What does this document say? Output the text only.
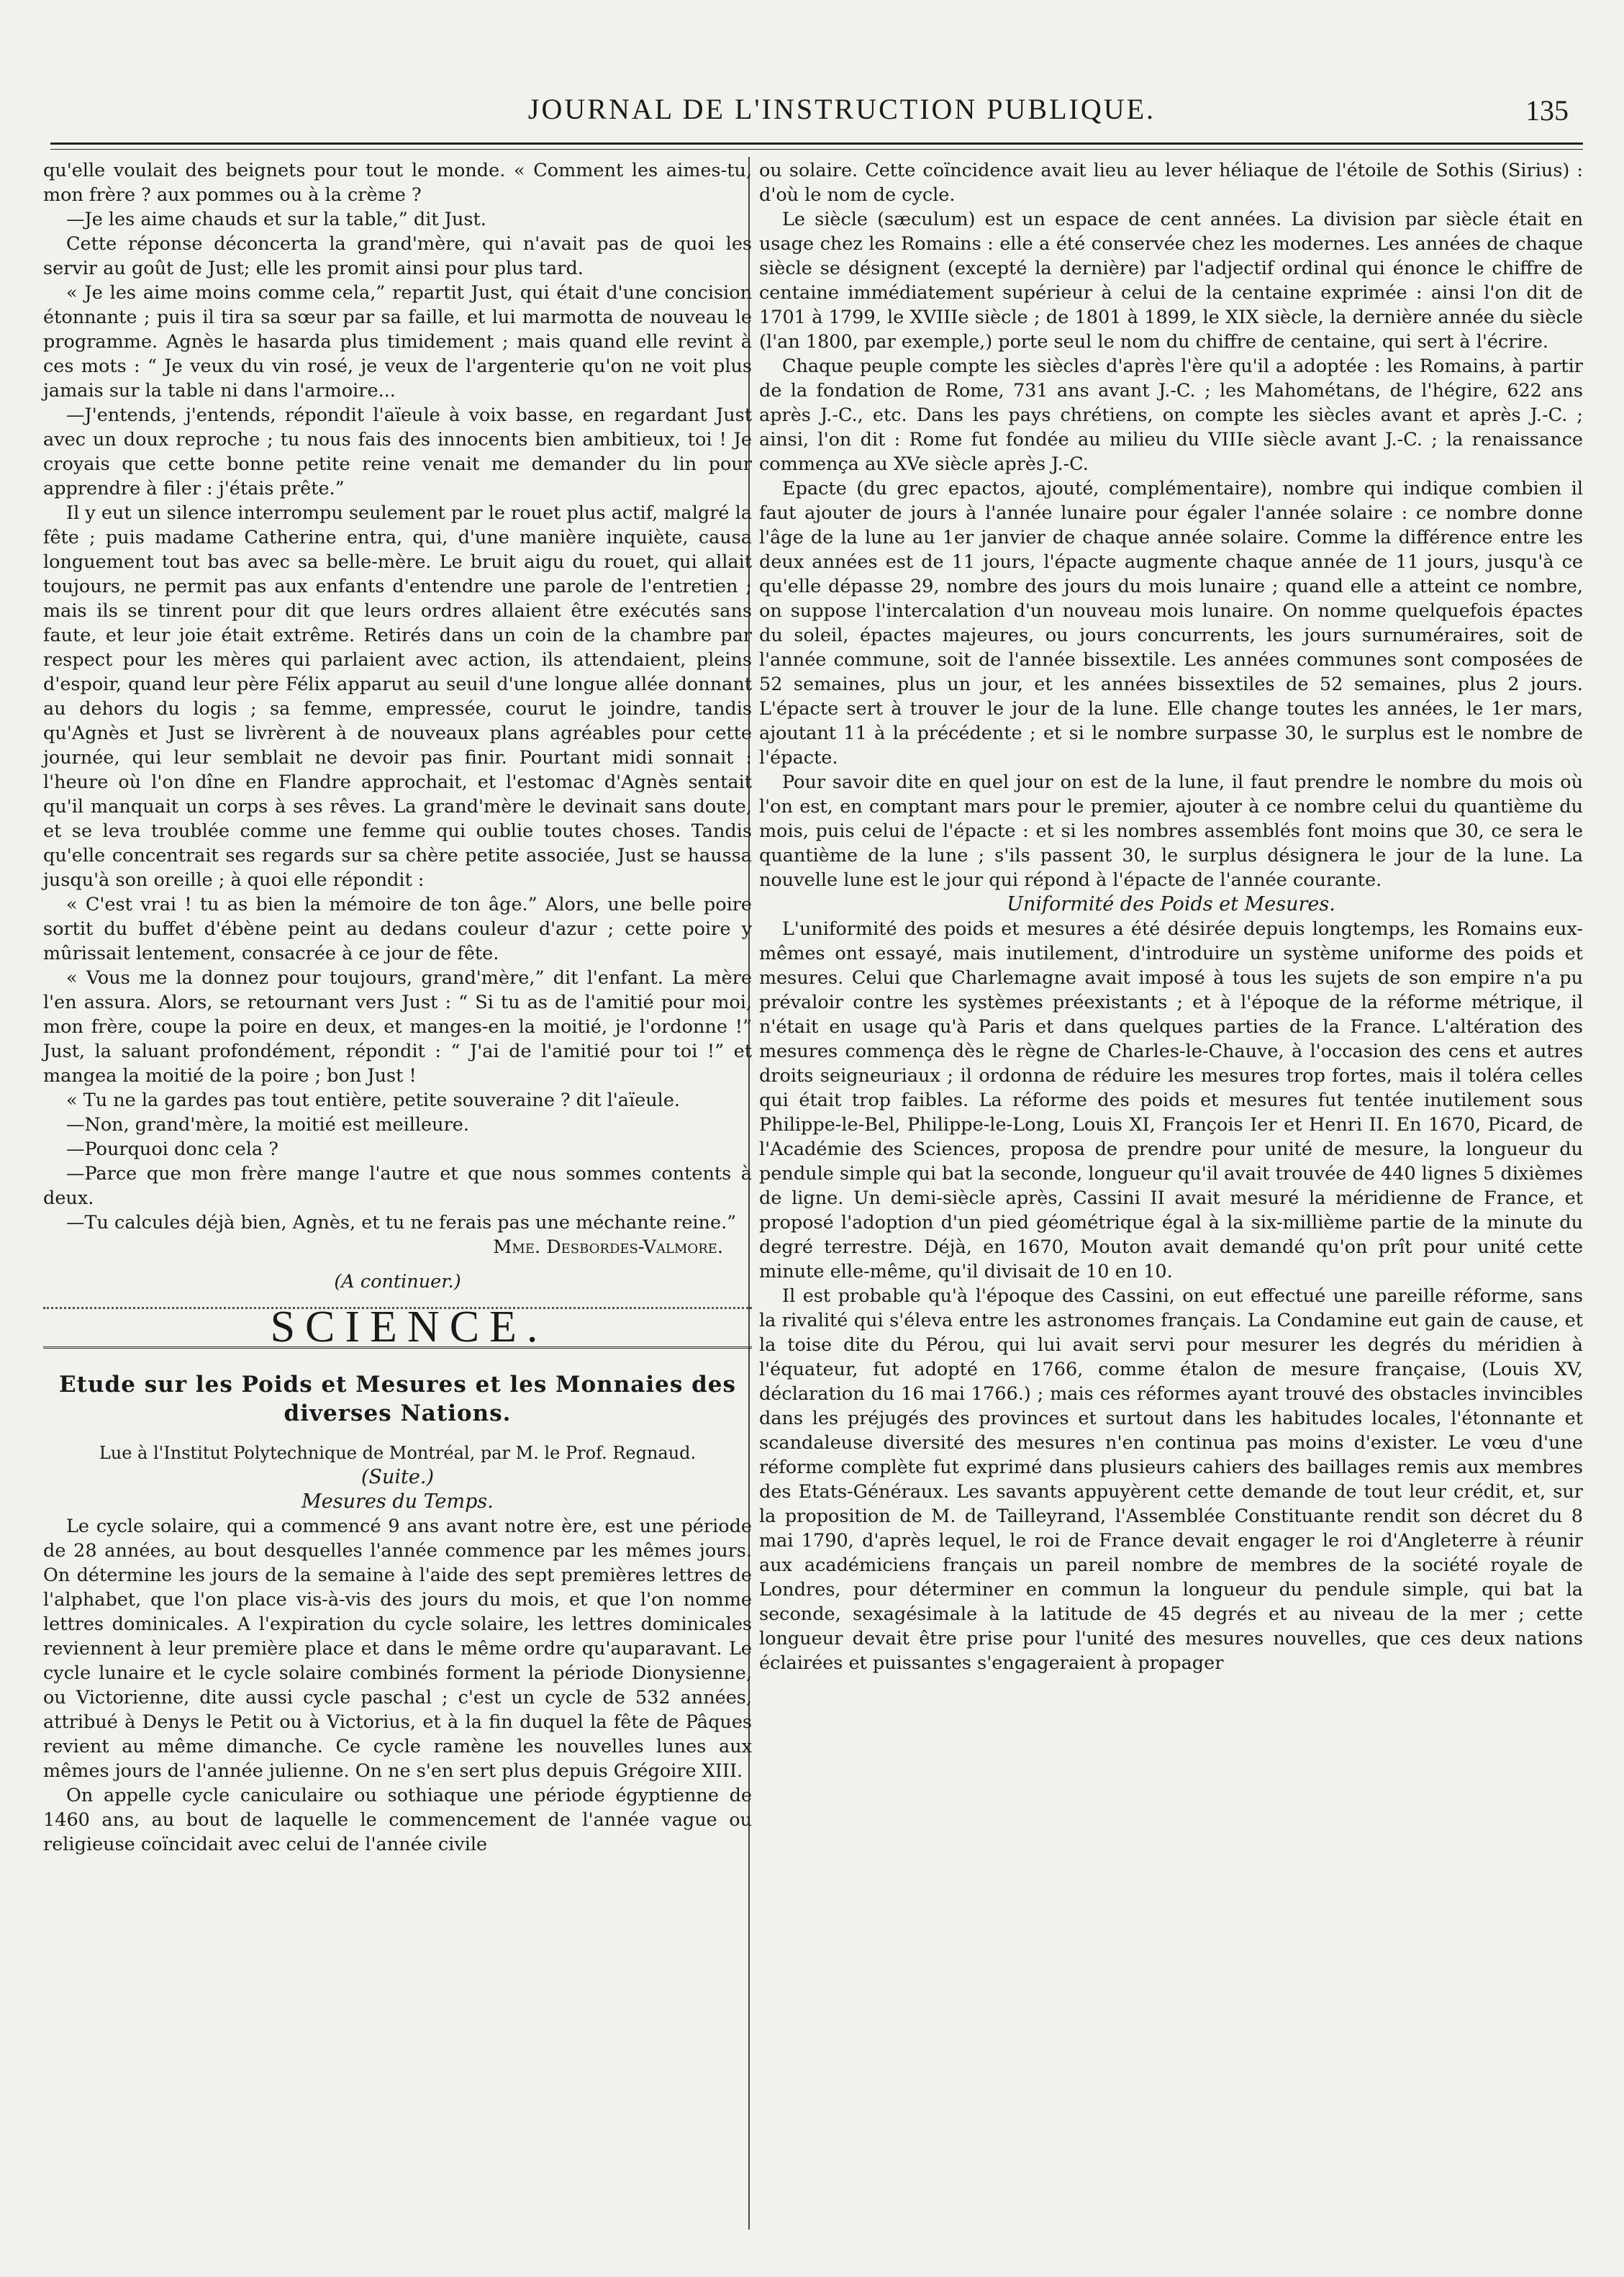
JOURNAL DE L'INSTRUCTION PUBLIQUE.	135

qu'elle voulait des beignets pour tout le monde. « Comment les aimes-tu, mon frère ? aux pommes ou à la crème ?

—Je les aime chauds et sur la table,” dit Just.

Cette réponse déconcerta la grand'mère, qui n'avait pas de quoi les servir au goût de Just; elle les promit ainsi pour plus tard.

« Je les aime moins comme cela,” repartit Just, qui était d'une concision étonnante ; puis il tira sa sœur par sa faille, et lui marmotta de nouveau le programme. Agnès le hasarda plus timidement ; mais quand elle revint à ces mots : “ Je veux du vin rosé, je veux de l'argenterie qu'on ne voit plus jamais sur la table ni dans l'armoire...

—J'entends, j'entends, répondit l'aïeule à voix basse, en regardant Just avec un doux reproche ; tu nous fais des innocents bien ambitieux, toi ! Je croyais que cette bonne petite reine venait me demander du lin pour apprendre à filer : j'étais prête.”

Il y eut un silence interrompu seulement par le rouet plus actif, malgré la fête ; puis madame Catherine entra, qui, d'une manière inquiète, causa longuement tout bas avec sa belle-mère. Le bruit aigu du rouet, qui allait toujours, ne permit pas aux enfants d'entendre une parole de l'entretien ; mais ils se tinrent pour dit que leurs ordres allaient être exécutés sans faute, et leur joie était extrême. Retirés dans un coin de la chambre par respect pour les mères qui parlaient avec action, ils attendaient, pleins d'espoir, quand leur père Félix apparut au seuil d'une longue allée donnant au dehors du logis ; sa femme, empressée, courut le joindre, tandis qu'Agnès et Just se livrèrent à de nouveaux plans agréables pour cette journée, qui leur semblait ne devoir pas finir. Pourtant midi sonnait : l'heure où l'on dîne en Flandre approchait, et l'estomac d'Agnès sentait qu'il manquait un corps à ses rêves. La grand'mère le devinait sans doute, et se leva troublée comme une femme qui oublie toutes choses. Tandis qu'elle concentrait ses regards sur sa chère petite associée, Just se haussa jusqu'à son oreille ; à quoi elle répondit :

« C'est vrai ! tu as bien la mémoire de ton âge.” Alors, une belle poire sortit du buffet d'ébène peint au dedans couleur d'azur ; cette poire y mûrissait lentement, consacrée à ce jour de fête.

« Vous me la donnez pour toujours, grand'mère,” dit l'enfant. La mère l'en assura. Alors, se retournant vers Just : “ Si tu as de l'amitié pour moi, mon frère, coupe la poire en deux, et manges-en la moitié, je l'ordonne !” Just, la saluant profondément, répondit : “ J'ai de l'amitié pour toi !” et mangea la moitié de la poire ; bon Just !

« Tu ne la gardes pas tout entière, petite souveraine ? dit l'aïeule.

—Non, grand'mère, la moitié est meilleure.

—Pourquoi donc cela ?

—Parce que mon frère mange l'autre et que nous sommes contents à deux.

—Tu calcules déjà bien, Agnès, et tu ne ferais pas une méchante reine.”

Mme. Desbordes-Valmore.

(A continuer.)

SCIENCE.

Etude sur les Poids et Mesures et les Monnaies des diverses Nations.

Lue à l'Institut Polytechnique de Montréal, par M. le Prof. Regnaud.

(Suite.)

Mesures du Temps.

Le cycle solaire, qui a commencé 9 ans avant notre ère, est une période de 28 années, au bout desquelles l'année commence par les mêmes jours. On détermine les jours de la semaine à l'aide des sept premières lettres de l'alphabet, que l'on place vis-à-vis des jours du mois, et que l'on nomme lettres dominicales. A l'expiration du cycle solaire, les lettres dominicales reviennent à leur première place et dans le même ordre qu'auparavant. Le cycle lunaire et le cycle solaire combinés forment la période Dionysienne, ou Victorienne, dite aussi cycle paschal ; c'est un cycle de 532 années, attribué à Denys le Petit ou à Victorius, et à la fin duquel la fête de Pâques revient au même dimanche. Ce cycle ramène les nouvelles lunes aux mêmes jours de l'année julienne. On ne s'en sert plus depuis Grégoire XIII.

On appelle cycle caniculaire ou sothiaque une période égyptienne de 1460 ans, au bout de laquelle le commencement de l'année vague ou religieuse coïncidait avec celui de l'année civile

ou solaire. Cette coïncidence avait lieu au lever héliaque de l'étoile de Sothis (Sirius) : d'où le nom de cycle.

Le siècle (sæculum) est un espace de cent années. La division par siècle était en usage chez les Romains : elle a été conservée chez les modernes. Les années de chaque siècle se désignent (excepté la dernière) par l'adjectif ordinal qui énonce le chiffre de centaine immédiatement supérieur à celui de la centaine exprimée : ainsi l'on dit de 1701 à 1799, le XVIIIe siècle ; de 1801 à 1899, le XIX siècle, la dernière année du siècle (l'an 1800, par exemple,) porte seul le nom du chiffre de centaine, qui sert à l'écrire.

Chaque peuple compte les siècles d'après l'ère qu'il a adoptée : les Romains, à partir de la fondation de Rome, 731 ans avant J.-C. ; les Mahométans, de l'hégire, 622 ans après J.-C., etc. Dans les pays chrétiens, on compte les siècles avant et après J.-C. ; ainsi, l'on dit : Rome fut fondée au milieu du VIIIe siècle avant J.-C. ; la renaissance commença au XVe siècle après J.-C.

Epacte (du grec epactos, ajouté, complémentaire), nombre qui indique combien il faut ajouter de jours à l'année lunaire pour égaler l'année solaire : ce nombre donne l'âge de la lune au 1er janvier de chaque année solaire. Comme la différence entre les deux années est de 11 jours, l'épacte augmente chaque année de 11 jours, jusqu'à ce qu'elle dépasse 29, nombre des jours du mois lunaire ; quand elle a atteint ce nombre, on suppose l'intercalation d'un nouveau mois lunaire. On nomme quelquefois épactes du soleil, épactes majeures, ou jours concurrents, les jours surnuméraires, soit de l'année commune, soit de l'année bissextile. Les années communes sont composées de 52 semaines, plus un jour, et les années bissextiles de 52 semaines, plus 2 jours. L'épacte sert à trouver le jour de la lune. Elle change toutes les années, le 1er mars, ajoutant 11 à la précédente ; et si le nombre surpasse 30, le surplus est le nombre de l'épacte.

Pour savoir dite en quel jour on est de la lune, il faut prendre le nombre du mois où l'on est, en comptant mars pour le premier, ajouter à ce nombre celui du quantième du mois, puis celui de l'épacte : et si les nombres assemblés font moins que 30, ce sera le quantième de la lune ; s'ils passent 30, le surplus désignera le jour de la lune. La nouvelle lune est le jour qui répond à l'épacte de l'année courante.

Uniformité des Poids et Mesures.

L'uniformité des poids et mesures a été désirée depuis longtemps, les Romains eux-mêmes ont essayé, mais inutilement, d'introduire un système uniforme des poids et mesures. Celui que Charlemagne avait imposé à tous les sujets de son empire n'a pu prévaloir contre les systèmes préexistants ; et à l'époque de la réforme métrique, il n'était en usage qu'à Paris et dans quelques parties de la France. L'altération des mesures commença dès le règne de Charles-le-Chauve, à l'occasion des cens et autres droits seigneuriaux ; il ordonna de réduire les mesures trop fortes, mais il toléra celles qui était trop faibles. La réforme des poids et mesures fut tentée inutilement sous Philippe-le-Bel, Philippe-le-Long, Louis XI, François Ier et Henri II. En 1670, Picard, de l'Académie des Sciences, proposa de prendre pour unité de mesure, la longueur du pendule simple qui bat la seconde, longueur qu'il avait trouvée de 440 lignes 5 dixièmes de ligne. Un demi-siècle après, Cassini II avait mesuré la méridienne de France, et proposé l'adoption d'un pied géométrique égal à la six-millième partie de la minute du degré terrestre. Déjà, en 1670, Mouton avait demandé qu'on prît pour unité cette minute elle-même, qu'il divisait de 10 en 10.

Il est probable qu'à l'époque des Cassini, on eut effectué une pareille réforme, sans la rivalité qui s'éleva entre les astronomes français. La Condamine eut gain de cause, et la toise dite du Pérou, qui lui avait servi pour mesurer les degrés du méridien à l'équateur, fut adopté en 1766, comme étalon de mesure française, (Louis XV, déclaration du 16 mai 1766.) ; mais ces réformes ayant trouvé des obstacles invincibles dans les préjugés des provinces et surtout dans les habitudes locales, l'étonnante et scandaleuse diversité des mesures n'en continua pas moins d'exister. Le vœu d'une réforme complète fut exprimé dans plusieurs cahiers des baillages remis aux membres des Etats-Généraux. Les savants appuyèrent cette demande de tout leur crédit, et, sur la proposition de M. de Tailleyrand, l'Assemblée Constituante rendit son décret du 8 mai 1790, d'après lequel, le roi de France devait engager le roi d'Angleterre à réunir aux académiciens français un pareil nombre de membres de la société royale de Londres, pour déterminer en commun la longueur du pendule simple, qui bat la seconde, sexagésimale à la latitude de 45 degrés et au niveau de la mer ; cette longueur devait être prise pour l'unité des mesures nouvelles, que ces deux nations éclairées et puissantes s'engageraient à propager
